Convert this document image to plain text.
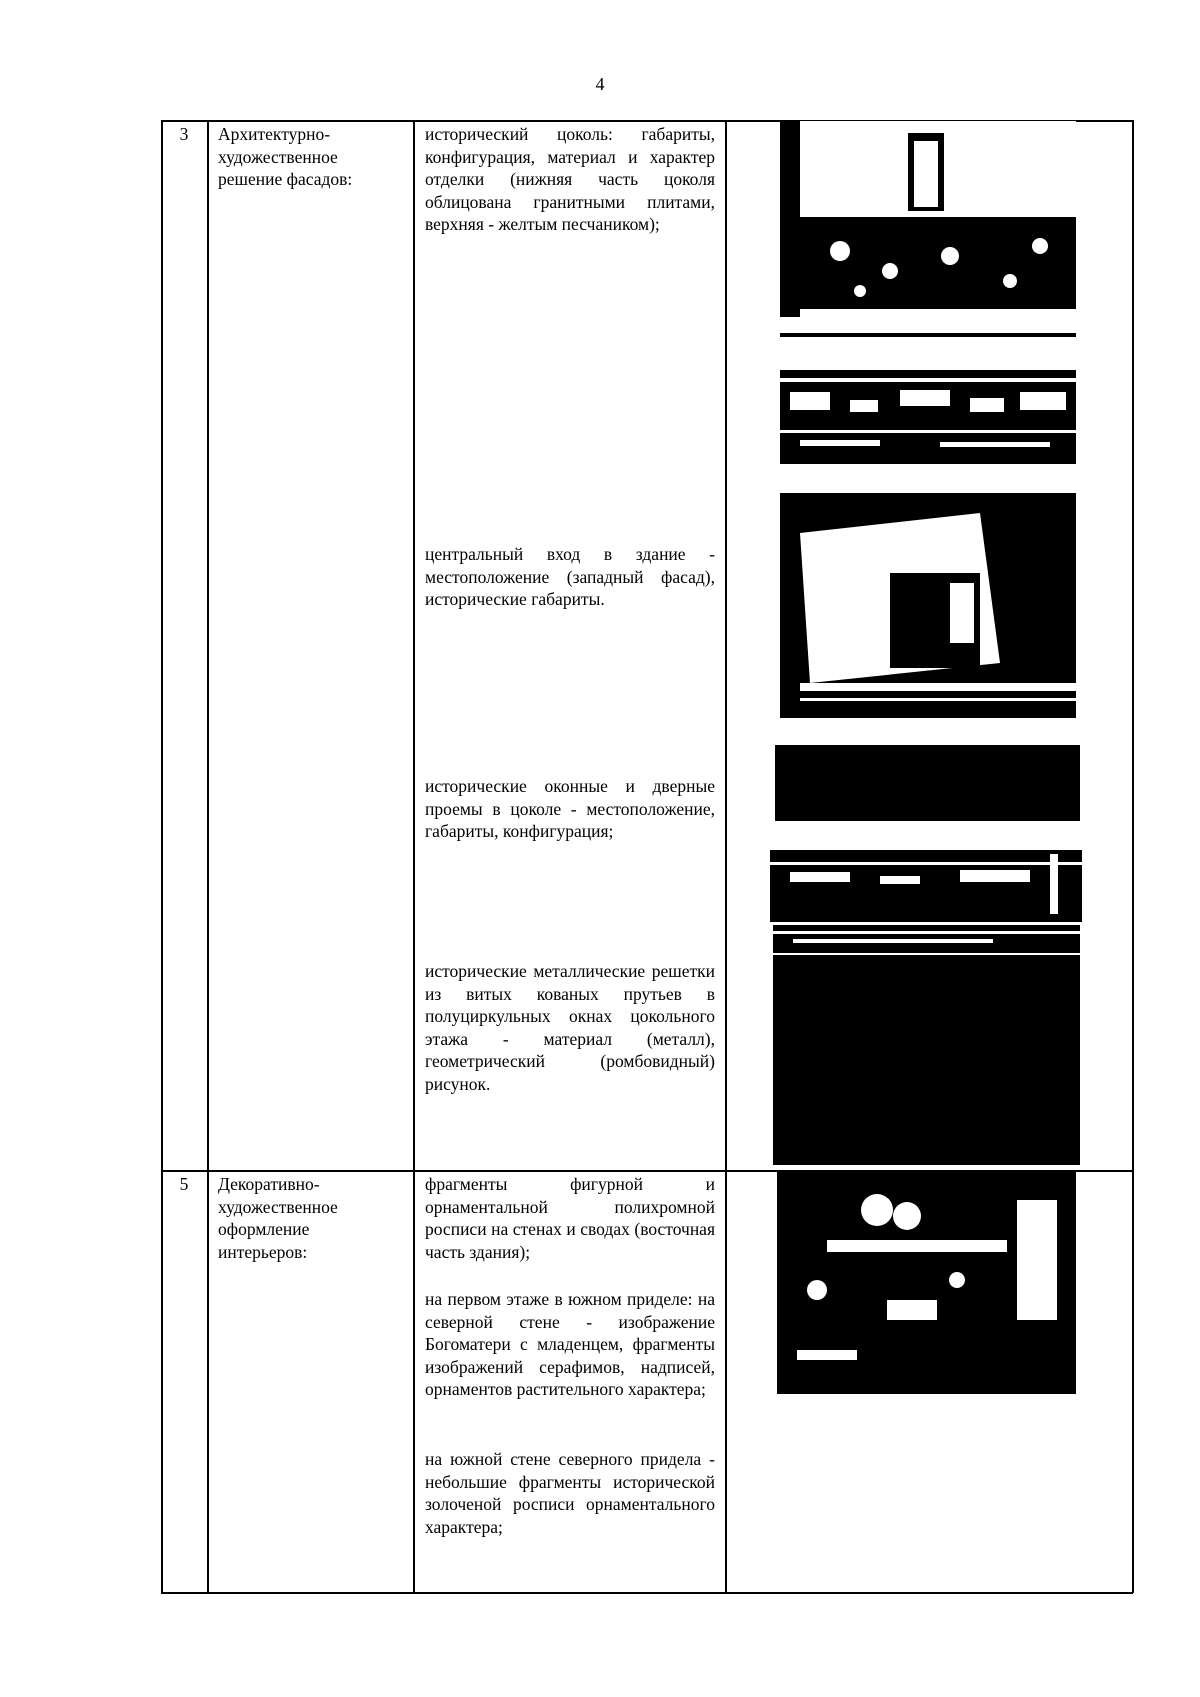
4
3	Архитектурно-художественное решение фасадов:
исторический цоколь: габариты, конфигурация, материал и характер отделки (нижняя часть цоколя облицована гранитными плитами, верхняя - желтым песчаником);
центральный вход в здание - местоположение (западный фасад), исторические габариты.
исторические оконные и дверные проемы в цоколе - местоположение, габариты, конфигурация;
исторические металлические решетки из витых кованых прутьев в полуциркульных окнах цокольного этажа - материал (металл), геометрический (ромбовидный) рисунок.
5	Декоративно-художественное оформление интерьеров:
фрагменты фигурной и орнаментальной полихромной росписи на стенах и сводах (восточная часть здания);
на первом этаже в южном приделе: на северной стене - изображение Богоматери с младенцем, фрагменты изображений серафимов, надписей, орнаментов растительного характера;
на южной стене северного придела - небольшие фрагменты исторической золоченой росписи орнаментального характера;
